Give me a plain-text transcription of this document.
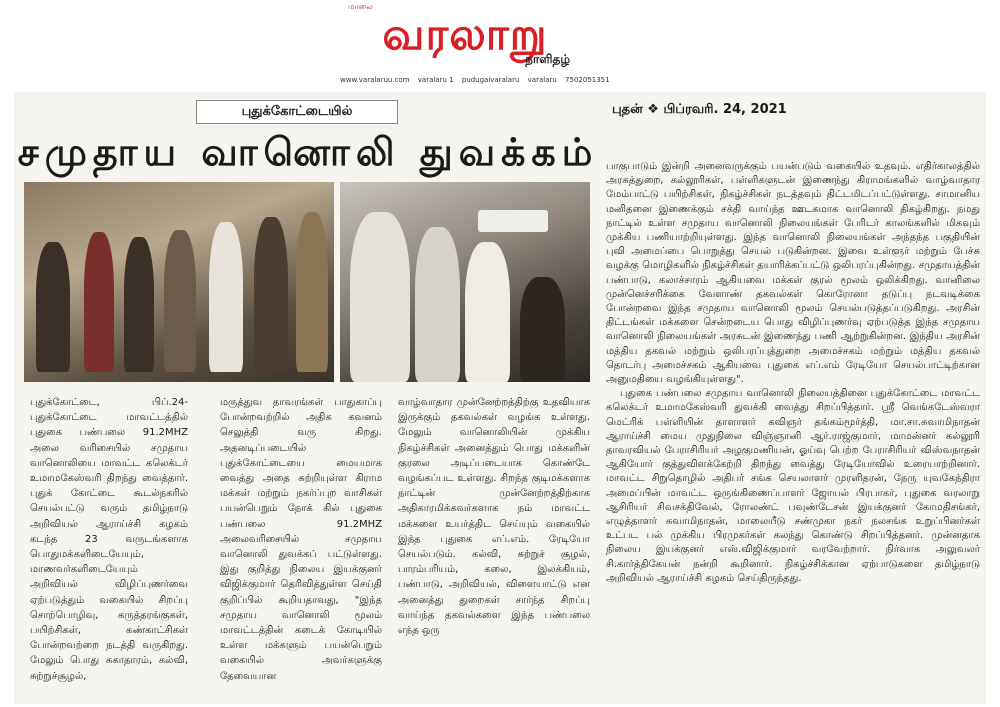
மாலை
வரலாறு
நாளிதழ்
www.varalaruu.com varalaru 1 pudugaivaralaru varalaru 7502051351
புதுக்கோட்டையில்	புதன் ❖ பிப்ரவரி. 24, 2021
சமுதாய வானொலி துவக்கம்

புதுக்கோட்டை, பிப்.24- புதுக்கோட்டை மாவட்டத்தில் புதுகை பண்பலை 91.2MHZ அலை வரிசையில் சமுதாய வானொலியை மாவட்ட கலெக்டர் உமாமகேஸ்வரி திறந்து வைத்தார். புதுக் கோட்டை கூடல்நகரில் செயல்பட்டு வரும் தமிழ்நாடு அறிவியல் ஆராய்ச்சி கழகம் கடந்த 23 வருடங்களாக பொதுமக்களிடையேயும், மாணவர்களிடையேயும் அறிவியல் விழிப்புணர்வை ஏற்படுத்தும் வகையில் சிறப்பு சொற்பொழிவு, கருத்தரங்குகள், பயிற்சிகள், கண்காட்சிகள் போன்றவற்றை நடத்தி வருகிறது. மேலும் பொது சுகாதாரம், கல்வி, சுற்றுச்சூழல்,

மருத்துவ தாவரங்கள் பாதுகாப்பு போன்றவற்றில் அதிக கவனம் செலுத்தி வரு கிறது. அதனடிப்படையில் புதுக்கோட்டையை மையமாக வைத்து அதை சுற்றியுள்ள கிராம மக்கள் மற்றும் நகர்ப்புற வாசிகள் பயன்பெறும் நோக் கில் புதுகை பண்பலை 91.2MHZ அலைவரிசையில் சமுதாய வானொலி துவக்கப் பட்டுள்ளது. இது குறித்து நிலைய இயக்குனர் விஜிக்குமார் தெரிவித்துள்ள செய்தி குறிப்பில் கூறியதாவது, "இந்த சமுதாய வானொலி மூலம் மாவட்டத்தின் கடைக் கோடியில் உள்ள மக்களும் பயன்பெறும் வகையில் அவர்களுக்கு தேவையான

வாழ்வாதார முன்னேற்றத்திற்கு உதவியாக இருக்கும் தகவல்கள் வழங்க உள்ளது. மேலும் வானொலியின் முக்கிய நிகழ்ச்சிகள் அனைத்தும் பொது மக்களின் குரலை அடிப்படையாக கொண்டே வழங்கப்பட உள்ளது. சிறந்த குடிமக்களாக நாட்டின் முன்னேற்றத்திற்காக அதிகாரமிக்கவர்களாக நம் மாவட்ட மக்களை உயர்த்திட செய்யும் வகையில் இந்த புதுகை எப்.எம். ரேடியோ செயல்படும். கல்வி, சுற்றுச் சூழல், பாரம்பரியம், கலை, இலக்கியம், பண்பாடு, அறிவியல், விளையாட்டு என அனைத்து துறைகள் சார்ந்த சிறப்பு வாய்ந்த தகவல்களை இந்த பண்பலை எந்த ஒரு

பாகுபாடும் இன்றி அனைவருக்கும் பயன்படும் வகையில் உதவும். எதிர்காலத்தில் அரசுத்துறை, கல்லூரிகள், பள்ளிகளுடன் இணைந்து கிராமங்களில் வாழ்வாதார மேம்பாட்டு பயிற்சிகள், நிகழ்ச்சிகள் நடத்தவும் திட்டமிடப்பட்டுள்ளது. சாமானிய மனிதனை இணைக்கும் சக்தி வாய்ந்த ஊடகமாக வானொலி திகழ்கிறது. நமது நாட்டில் உள்ள சமுதாய வானொலி நிலையங்கள் பேரிடர் காலங்களில் மிகவும் முக்கிய பணியாற்றியுள்ளது. இந்த வானொலி நிலையங்கள் அந்தந்த பகுதியின் புவி அமைப்பை பொறுத்து செயல் படுகின்றன. இவை உள்ளூர் மற்றும் பேச்சு வழக்கு மொழிகளில் நிகழ்ச்சிகள் தயாரிக்கப்பட்டு ஒலிபரப்புகின்றது. சமுதாயத்தின் பண்பாடு, கலாச்சாரம் ஆகியவை மக்கள் குரல் மூலம் ஒலிக்கிறது. வானிலை முன்னெச்சரிக்கை வேளாண் தகவல்கள் கொரோனா தடுப்பு நடவடிக்கை போன்றவை இந்த சமுதாய வானொலி மூலம் செயல்படுத்தப்படுகிறது. அரசின் திட்டங்கள் மக்களை சென்றடைய பொது விழிப்புணர்வு ஏற்படுத்த இந்த சமுதாய வானொலி நிலையங்கள் அரசுடன் இணைந்து பணி ஆற்றுகின்றன. இந்திய அரசின் மத்திய தகவல் மற்றும் ஒலிபரப்புத்துறை அமைச்சகம் மற்றும் மத்திய தகவல் தொடர்பு அமைச்சகம் ஆகியவை புதுகை எப்.எம் ரேடியோ செயல்பாட்டிற்கான அனுமதியை வழங்கியுள்ளது".

புதுகை பண்பலை சமுதாய வானொலி நிலையத்தினை புதுக்கோட்டை மாவட்ட கலெக்டர் உமாமகேஸ்வரி துவக்கி வைத்து சிறப்பித்தார். ஸ்ரீ வெங்கடேஸ்வரா மெட்ரிக் பள்ளியின் தாளாளர் கவிஞர் தங்கம்மூர்த்தி, மா.சா.சுவாமிநாதன் ஆராய்ச்சி மைய முதுநிலை விஞ்ஞானி ஆர்.ராஜ்குமார், மாமன்னர் கல்லூரி தாவரவியல் பேராசிரியர் அழகுமணியன், ஓய்வு பெற்ற பேராசிரியர் விஸ்வநாதன் ஆகியோர் குத்துவிளக்கேற்றி திறந்து வைத்து ரேடியோவில் உரையாற்றினார். மாவட்ட சிறுதொழில் அதிபர் சங்க செயலாளர் முரளிதரன், நேரு யுவகேந்திரா அமைப்பின் மாவட்ட ஒருங்கிணைப்பாளர் ஜோயல் பிரபாகர், புதுகை வரலாறு ஆசிரியர் சிவசக்திவேல், ரோலண்ட் பவுண்டேசன் இயக்குனர் கோமதிசங்கர், எழுத்தாளர் சுவாமிநாதன், மாலையீடு சண்முகா நகர் நலசங்க உறுப்பினர்கள் உட்பட பல் முக்கிய பிரமுகர்கள் கலந்து கொண்டு சிறப்பித்தனர். முன்னதாக நிலைய இயக்குனர் எஸ்.விஜிக்குமார் வரவேற்றார். நிர்வாக அலுவலர் சி.கார்த்திகேயன் நன்றி கூறினார். நிகழ்ச்சிக்கான ஏற்பாடுகளை தமிழ்நாடு அறிவியல் ஆராய்ச்சி கழகம் செய்திருந்தது.
